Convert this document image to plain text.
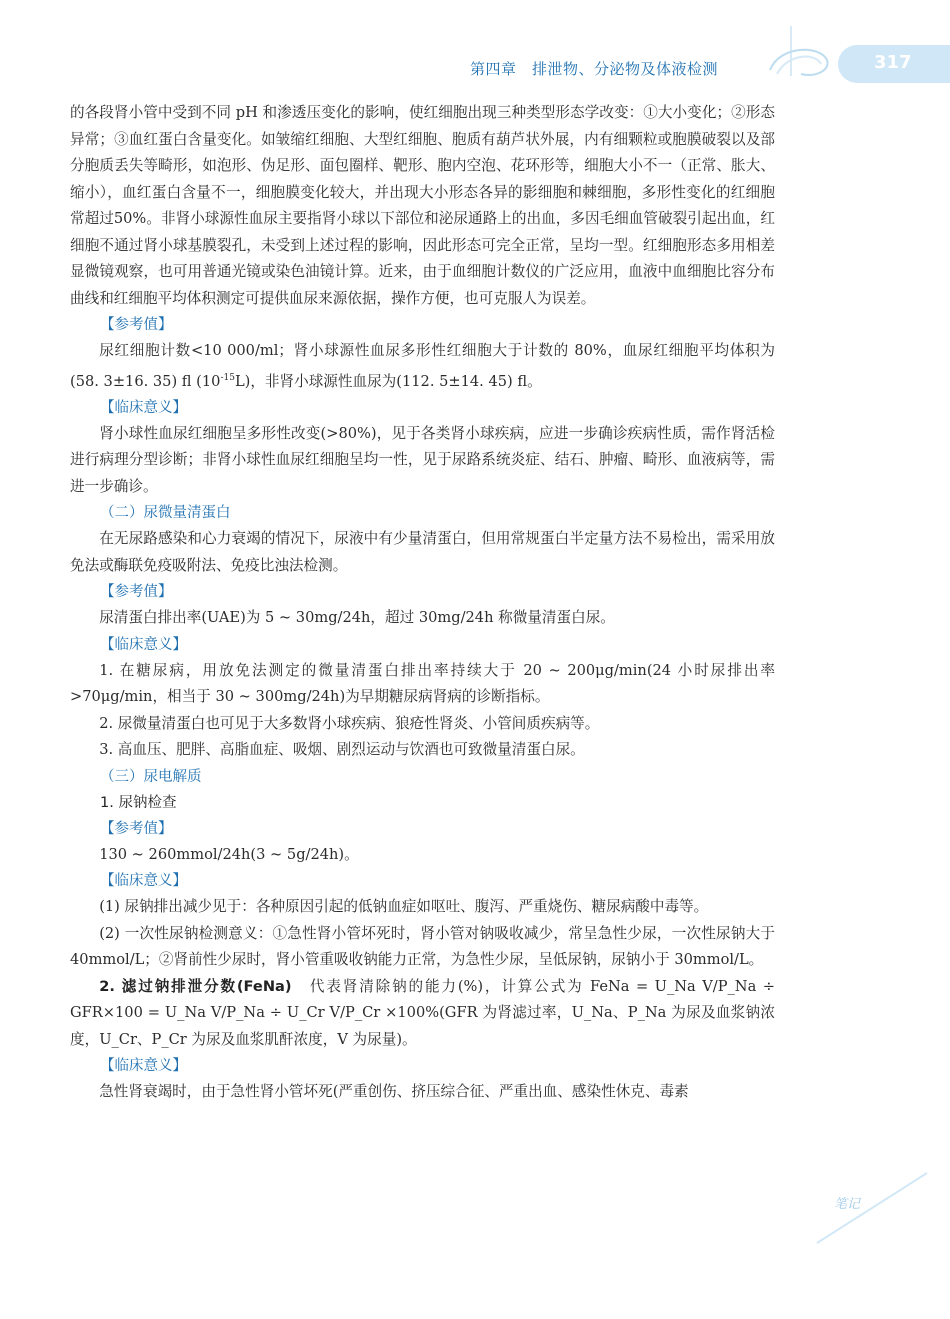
第四章　排泄物、分泌物及体液检测	317

的各段肾小管中受到不同 pH 和渗透压变化的影响，使红细胞出现三种类型形态学改变：①大小变化；②形态异常；③血红蛋白含量变化。如皱缩红细胞、大型红细胞、胞质有葫芦状外展，内有细颗粒或胞膜破裂以及部分胞质丢失等畸形，如泡形、伪足形、面包圈样、靶形、胞内空泡、花环形等，细胞大小不一（正常、胀大、缩小），血红蛋白含量不一，细胞膜变化较大，并出现大小形态各异的影细胞和棘细胞，多形性变化的红细胞常超过50%。非肾小球源性血尿主要指肾小球以下部位和泌尿通路上的出血，多因毛细血管破裂引起出血，红细胞不通过肾小球基膜裂孔，未受到上述过程的影响，因此形态可完全正常，呈均一型。红细胞形态多用相差显微镜观察，也可用普通光镜或染色油镜计算。近来，由于血细胞计数仪的广泛应用，血液中血细胞比容分布曲线和红细胞平均体积测定可提供血尿来源依据，操作方便，也可克服人为误差。

【参考值】

尿红细胞计数<10 000/ml；肾小球源性血尿多形性红细胞大于计数的 80%，血尿红细胞平均体积为(58. 3±16. 35) fl $(10^{-15}L)$，非肾小球源性血尿为(112. 5±14. 45) fl。

【临床意义】

肾小球性血尿红细胞呈多形性改变(>80%)，见于各类肾小球疾病，应进一步确诊疾病性质，需作肾活检进行病理分型诊断；非肾小球性血尿红细胞呈均一性，见于尿路系统炎症、结石、肿瘤、畸形、血液病等，需进一步确诊。

（二）尿微量清蛋白

在无尿路感染和心力衰竭的情况下，尿液中有少量清蛋白，但用常规蛋白半定量方法不易检出，需采用放免法或酶联免疫吸附法、免疫比浊法检测。

【参考值】

尿清蛋白排出率(UAE)为 5 ~ 30mg/24h，超过 30mg/24h 称微量清蛋白尿。

【临床意义】

1. 在糖尿病，用放免法测定的微量清蛋白排出率持续大于 20 ~ 200μg/min(24 小时尿排出率>70μg/min，相当于 30 ~ 300mg/24h)为早期糖尿病肾病的诊断指标。

2. 尿微量清蛋白也可见于大多数肾小球疾病、狼疮性肾炎、小管间质疾病等。

3. 高血压、肥胖、高脂血症、吸烟、剧烈运动与饮酒也可致微量清蛋白尿。

（三）尿电解质
1. 尿钠检查
【参考值】

130 ~ 260mmol/24h(3 ~ 5g/24h)。

【临床意义】

(1) 尿钠排出减少见于：各种原因引起的低钠血症如呕吐、腹泻、严重烧伤、糖尿病酸中毒等。

(2) 一次性尿钠检测意义：①急性肾小管坏死时，肾小管对钠吸收减少，常呈急性少尿，一次性尿钠大于 40mmol/L；②肾前性少尿时，肾小管重吸收钠能力正常，为急性少尿，呈低尿钠，尿钠小于 30mmol/L。

2. 滤过钠排泄分数(FeNa)　 代表肾清除钠的能力(%)，计算公式为 FeNa = U_Na V/P_Na ÷ GFR×100 = U_Na V/P_Na ÷ U_Cr V/P_Cr ×100%(GFR 为肾滤过率，U_Na、P_Na 为尿及血浆钠浓度，U_Cr、P_Cr 为尿及血浆肌酐浓度，V 为尿量)。

【临床意义】

急性肾衰竭时，由于急性肾小管坏死(严重创伤、挤压综合征、严重出血、感染性休克、毒素

笔记
